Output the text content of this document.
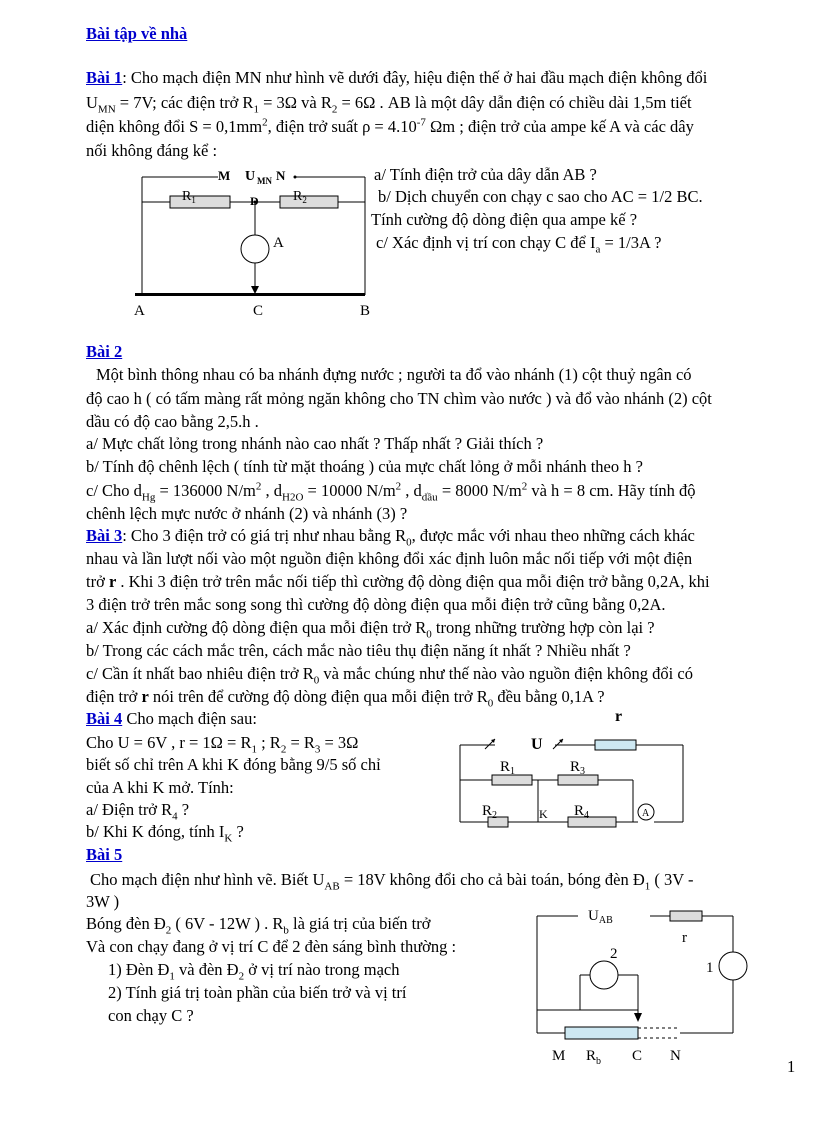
Bài tập về nhà
Bài 1: Cho mạch điện MN như hình vẽ dưới đây, hiệu điện thế ở hai đầu mạch điện không đổi
$U_{MN} = 7V$; các điện trở $R_1 = 3\Omega$ và $R_2 = 6\Omega$ . AB là một dây dẫn điện có chiều dài 1,5m tiết
diện không đổi $S = 0,1mm^2$, điện trở suất $\rho = 4.10^{-7}$ Ωm ; điện trở của ampe kế A và các dây
nối không đáng kể :
a/ Tính điện trở của dây dẫn AB ?
b/ Dịch chuyển con chạy c sao cho AC = 1/2 BC.
Tính cường độ dòng điện qua ampe kế ?
c/ Xác định vị trí con chạy C để $I_a = 1/3A$ ?
M U MN N
$R_1$	$R_2$
D
A
A	C	B
Bài 2
Một bình thông nhau có ba nhánh đựng nước ; người ta đổ vào nhánh (1) cột thuỷ ngân có
độ cao h ( có tấm màng rất mỏng ngăn không cho TN chìm vào nước ) và đổ vào nhánh (2) cột
dầu có độ cao bằng 2,5.h .
a/ Mực chất lỏng trong nhánh nào cao nhất ? Thấp nhất ? Giải thích ?
b/ Tính độ chênh lệch ( tính từ mặt thoáng ) của mực chất lỏng ở mỗi nhánh theo h ?
c/ Cho $d_{Hg} = 136000$ $N/m^2$ , $d_{H2O} = 10000$ $N/m^2$ , $d_{dầu} = 8000$ $N/m^2$ và h = 8 cm. Hãy tính độ
chênh lệch mực nước ở nhánh (2) và nhánh (3) ?
Bài 3: Cho 3 điện trở có giá trị như nhau bằng $R_0$, được mắc với nhau theo những cách khác
nhau và lần lượt nối vào một nguồn điện không đổi xác định luôn mắc nối tiếp với một điện
trở r . Khi 3 điện trở trên mắc nối tiếp thì cường độ dòng điện qua mỗi điện trở bằng 0,2A, khi
3 điện trở trên mắc song song thì cường độ dòng điện qua mỗi điện trở cũng bằng 0,2A.
a/ Xác định cường độ dòng điện qua mỗi điện trở $R_0$ trong những trường hợp còn lại ?
b/ Trong các cách mắc trên, cách mắc nào tiêu thụ điện năng ít nhất ? Nhiều nhất ?
c/ Cần ít nhất bao nhiêu điện trở $R_0$ và mắc chúng như thế nào vào nguồn điện không đổi có
điện trở r nói trên để cường độ dòng điện qua mỗi điện trở $R_0$ đều bằng 0,1A ?
Bài 4 Cho mạch điện sau:
Cho U = 6V , $r = 1\Omega = R_1$ ; $R_2 = R_3 = 3\Omega$
biết số chỉ trên A khi K đóng bằng 9/5 số chỉ
của A khi K mở. Tính:
a/ Điện trở $R_4$ ?
b/ Khi K đóng, tính $I_K$ ?
A
r
U
$R_1$	$R_3$
$R_2$	$R_4$
K
Bài 5
Cho mạch điện như hình vẽ. Biết $U_{AB} = 18V$ không đổi cho cả bài toán, bóng đèn $Đ_1$ ( 3V -
3W )
Bóng đèn $Đ_2$ ( 6V - 12W ) . $R_b$ là giá trị của biến trở
Và con chạy đang ở vị trí C để 2 đèn sáng bình thường :
1) Đèn $Đ_1$ và đèn $Đ_2$ ở vị trí nào trong mạch
2) Tính giá trị toàn phần của biến trở và vị trí
con chạy C ?
$U_{AB}$
r
2
1
M $R_b$ C N
1
